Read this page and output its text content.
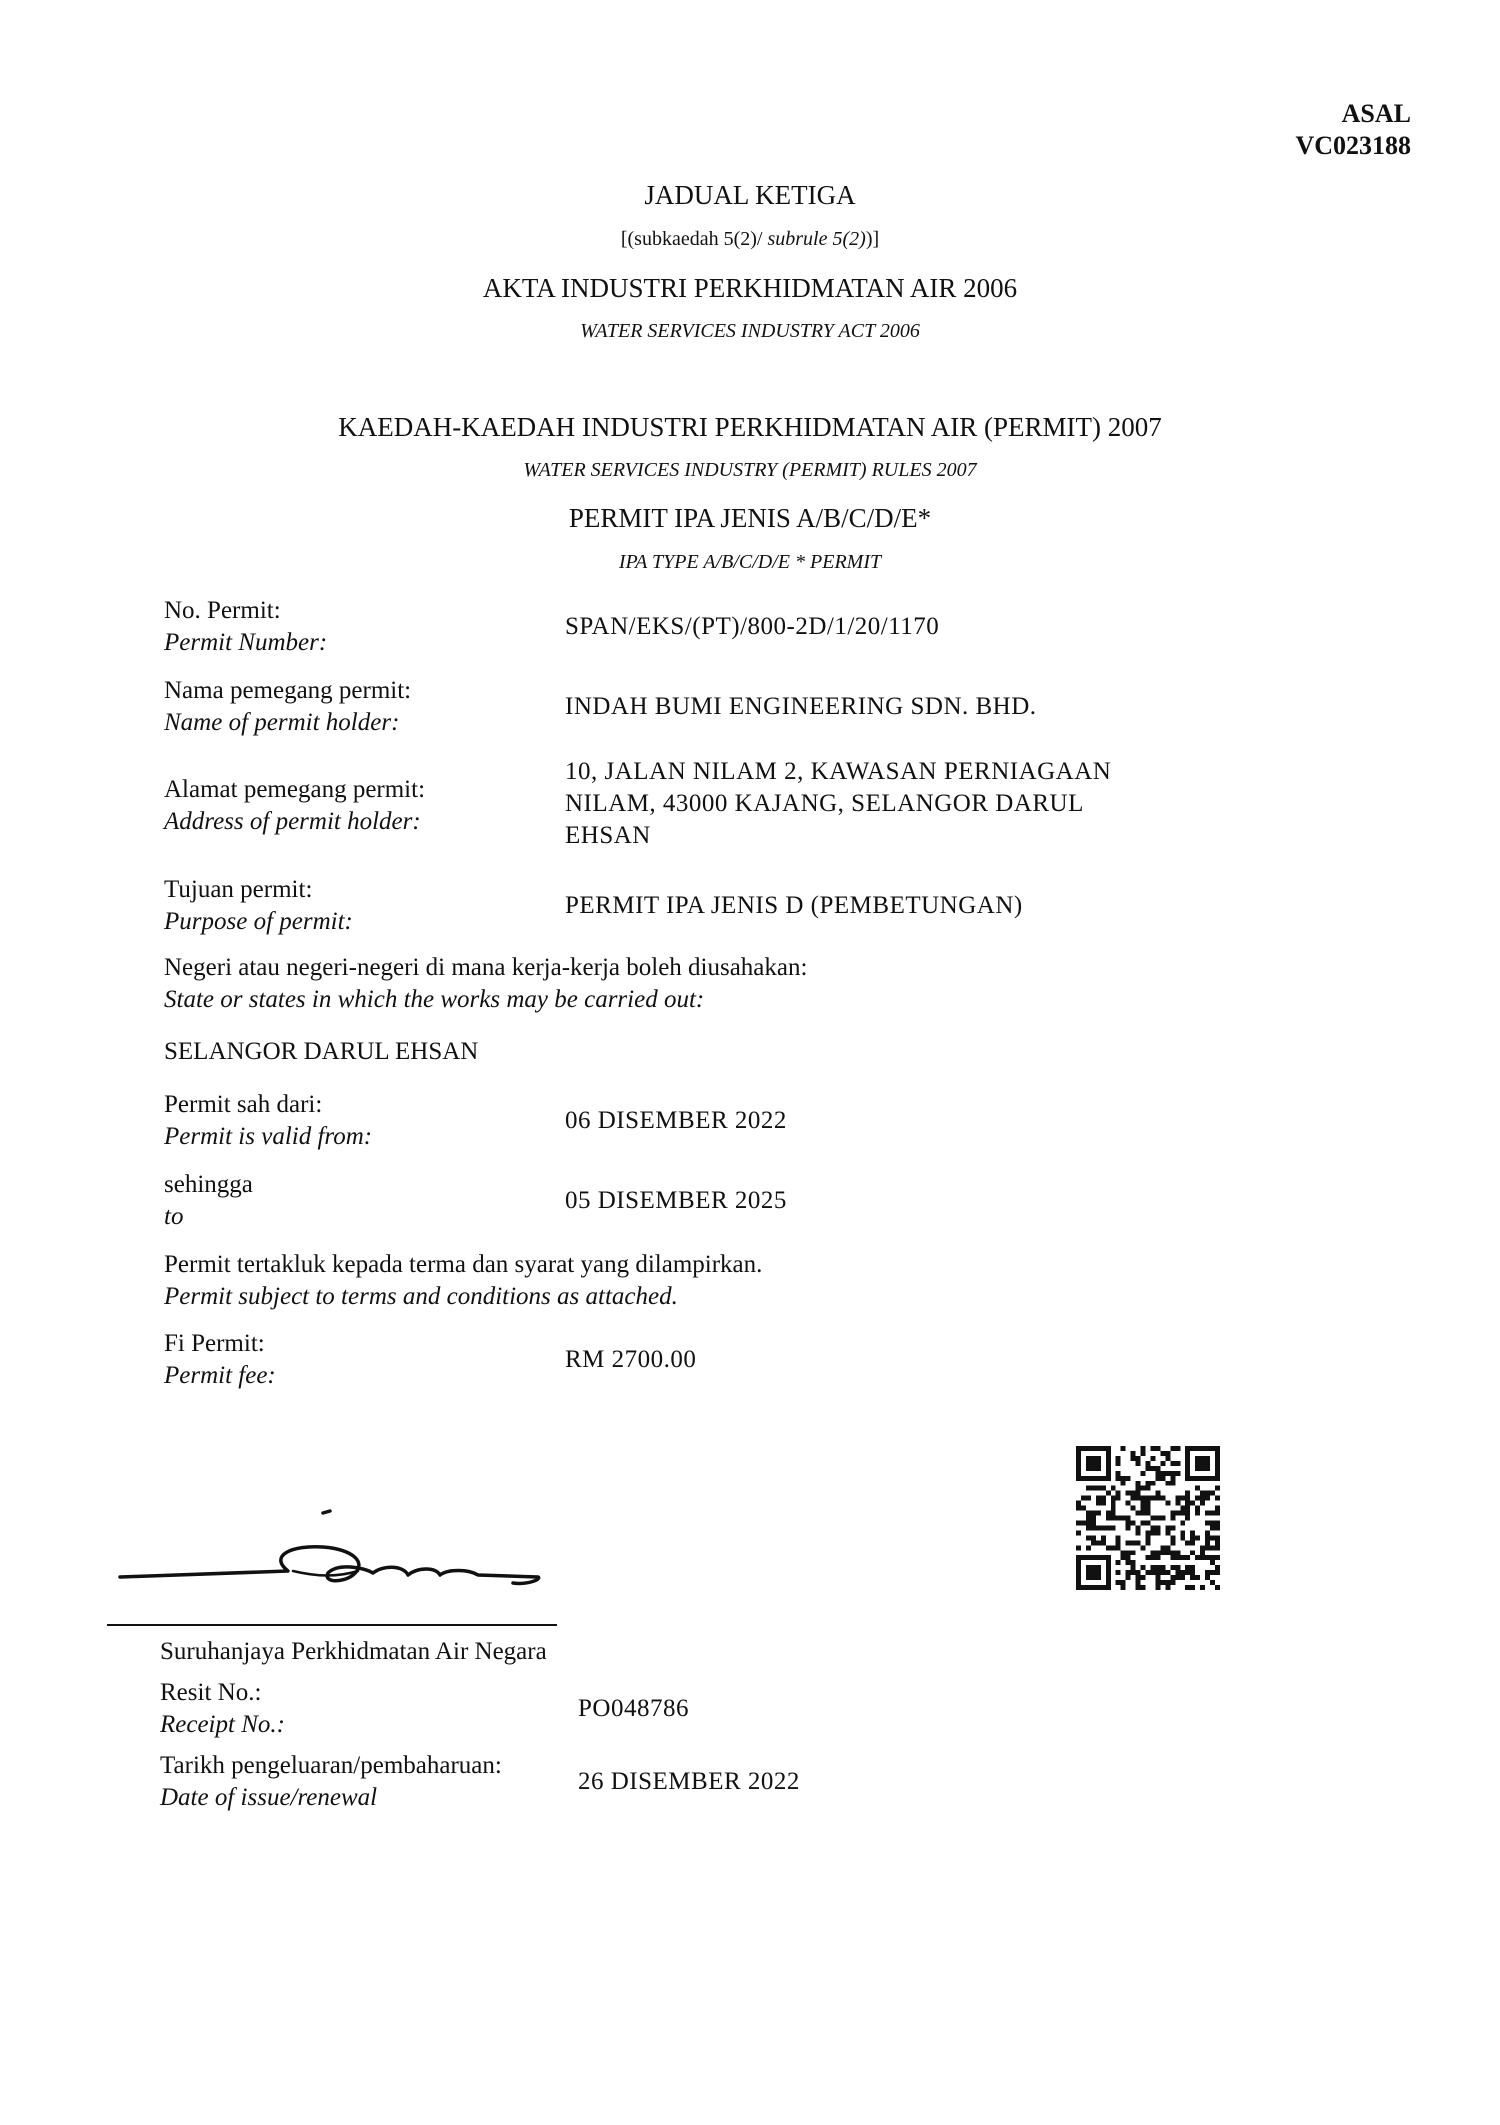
ASAL
VC023188
JADUAL KETIGA
[(subkaedah 5(2)/ subrule 5(2))]
AKTA INDUSTRI PERKHIDMATAN AIR 2006
WATER SERVICES INDUSTRY ACT 2006
KAEDAH-KAEDAH INDUSTRI PERKHIDMATAN AIR (PERMIT) 2007
WATER SERVICES INDUSTRY (PERMIT) RULES 2007
PERMIT IPA JENIS A/B/C/D/E*
IPA TYPE A/B/C/D/E * PERMIT
No. Permit:
Permit Number:
SPAN/EKS/(PT)/800-2D/1/20/1170
Nama pemegang permit:
Name of permit holder:
INDAH BUMI ENGINEERING SDN. BHD.
Alamat pemegang permit:
Address of permit holder:
10, JALAN NILAM 2, KAWASAN PERNIAGAAN
NILAM, 43000 KAJANG, SELANGOR DARUL
EHSAN
Tujuan permit:
Purpose of permit:
PERMIT IPA JENIS D (PEMBETUNGAN)
Negeri atau negeri-negeri di mana kerja-kerja boleh diusahakan:
State or states in which the works may be carried out:
SELANGOR DARUL EHSAN
Permit sah dari:
Permit is valid from:
06 DISEMBER 2022
sehingga
to
05 DISEMBER 2025
Permit tertakluk kepada terma dan syarat yang dilampirkan.
Permit subject to terms and conditions as attached.
Fi Permit:
Permit fee:
RM 2700.00
Suruhanjaya Perkhidmatan Air Negara
Resit No.:
Receipt No.:
PO048786
Tarikh pengeluaran/pembaharuan:
Date of issue/renewal
26 DISEMBER 2022
